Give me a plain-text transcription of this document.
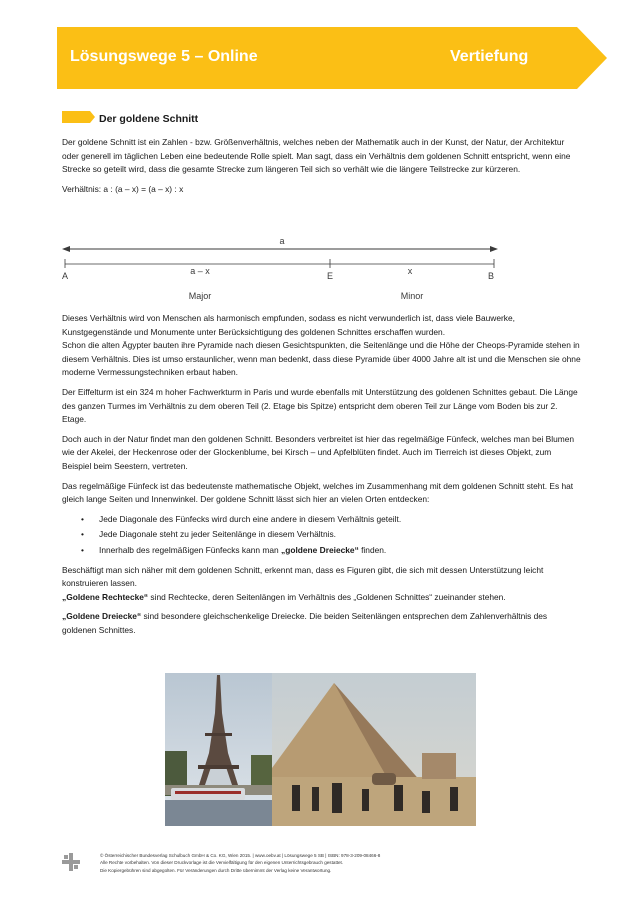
Lösungswege 5 – Online	Vertiefung
Der goldene Schnitt

Der goldene Schnitt ist ein Zahlen - bzw. Größenverhältnis, welches neben der Mathematik auch in der Kunst, der Natur, der Architektur oder generell im täglichen Leben eine bedeutende Rolle spielt. Man sagt, dass ein Verhältnis dem goldenen Schnitt entspricht, wenn eine Strecke so geteilt wird, dass die gesamte Strecke zum längeren Teil sich so verhält wie die längere Teilstrecke zur kürzeren.

Verhältnis: a : (a – x) = (a – x) : x

a
a – x	x
A	E	B
Major	Minor

Dieses Verhältnis wird von Menschen als harmonisch empfunden, sodass es nicht verwunderlich ist, dass viele Bauwerke, Kunstgegenstände und Monumente unter Berücksichtigung des goldenen Schnittes erschaffen wurden.

Schon die alten Ägypter bauten ihre Pyramide nach diesen Gesichtspunkten, die Seitenlänge und die Höhe der Cheops-Pyramide stehen in diesem Verhältnis. Dies ist umso erstaunlicher, wenn man bedenkt, dass diese Pyramide über 4000 Jahre alt ist und die Menschen sie ohne moderne Vermessungstechniken erbaut haben.

Der Eiffelturm ist ein 324 m hoher Fachwerkturm in Paris und wurde ebenfalls mit Unterstützung des goldenen Schnittes gebaut. Die Länge des ganzen Turmes im Verhältnis zu dem oberen Teil (2. Etage bis Spitze) entspricht dem oberen Teil zur Länge vom Boden bis zur 2. Etage.

Doch auch in der Natur findet man den goldenen Schnitt. Besonders verbreitet ist hier das regelmäßige Fünfeck, welches man bei Blumen wie der Akelei, der Heckenrose oder der Glockenblume, bei Kirsch – und Apfelblüten findet. Auch im Tierreich ist dieses Objekt, zum Beispiel beim Seestern, vertreten.

Das regelmäßige Fünfeck ist das bedeutenste mathematische Objekt, welches im Zusammenhang mit dem goldenen Schnitt steht. Es hat gleich lange Seiten und Innenwinkel. Der goldene Schnitt lässt sich hier an vielen Orten entdecken:

• Jede Diagonale des Fünfecks wird durch eine andere in diesem Verhältnis geteilt.
• Jede Diagonale steht zu jeder Seitenlänge in diesem Verhältnis.
• Innerhalb des regelmäßigen Fünfecks kann man „goldene Dreiecke“ finden.

Beschäftigt man sich näher mit dem goldenen Schnitt, erkennt man, dass es Figuren gibt, die sich mit dessen Unterstützung leicht konstruieren lassen.

„Goldene Rechtecke“ sind Rechtecke, deren Seitenlängen im Verhältnis des „Goldenen Schnittes“ zueinander stehen.

„Goldene Dreiecke“ sind besondere gleichschenkelige Dreiecke. Die beiden Seitenlängen entsprechen dem Zahlenverhältnis des goldenen Schnittes.

© Österreichischer Bundesverlag Schulbuch GmbH & Co. KG, Wien 2015. | www.oebv.at | Lösungswege 5 SB | ISBN: 978-3-209-08466-8
Alle Rechte vorbehalten. Von dieser Druckvorlage ist die Vervielfältigung für den eigenen Unterrichtsgebrauch gestattet.
Die Kopiergebühren sind abgegolten. Für Veränderungen durch Dritte übernimmt der Verlag keine Verantwortung.
